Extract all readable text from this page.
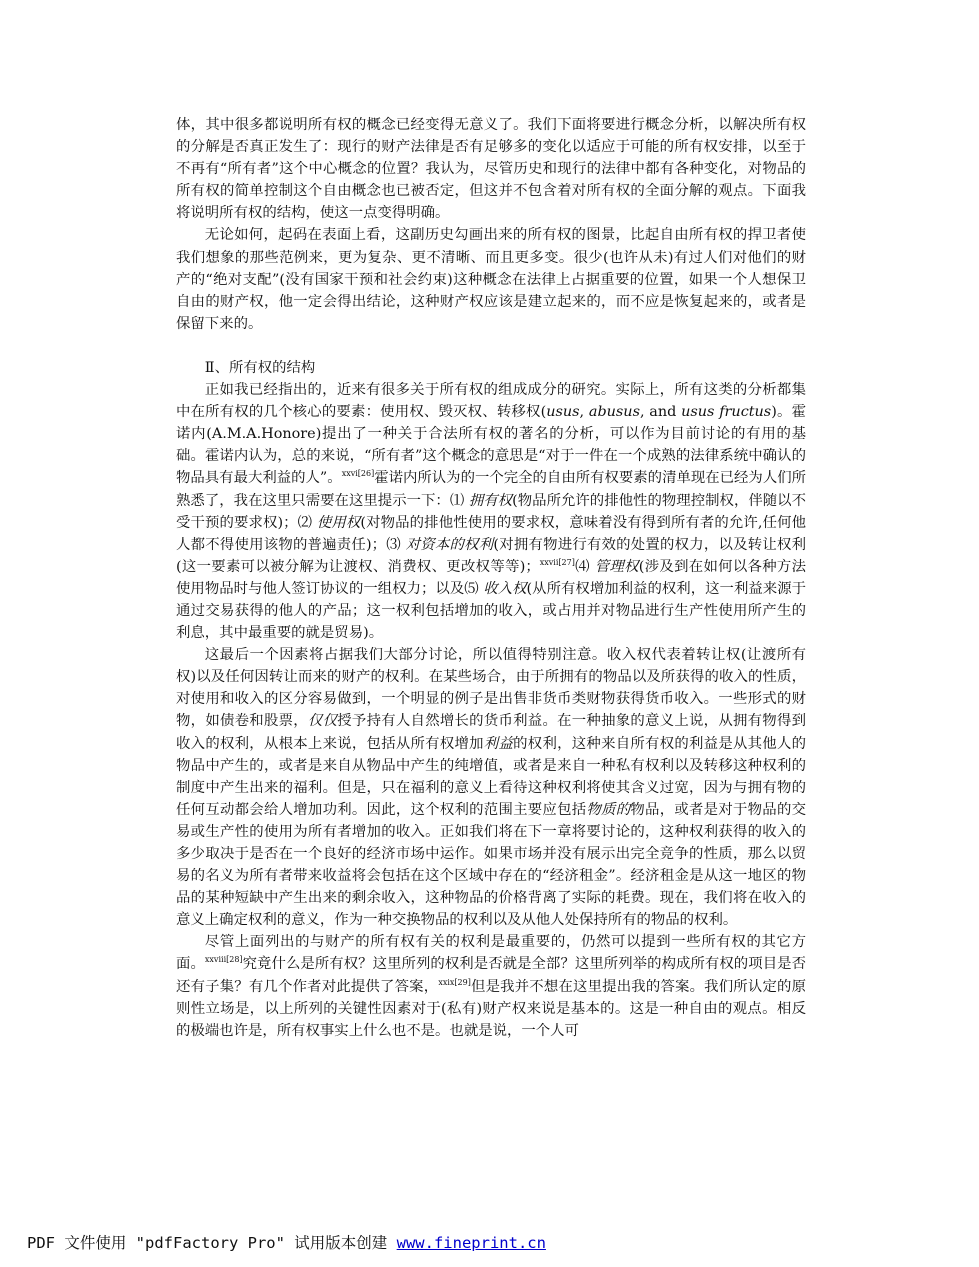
体，其中很多都说明所有权的概念已经变得无意义了。我们下面将要进行概念分析，以解决所有权的分解是否真正发生了：现行的财产法律是否有足够多的变化以适应于可能的所有权安排，以至于不再有“所有者”这个中心概念的位置？我认为，尽管历史和现行的法律中都有各种变化，对物品的所有权的简单控制这个自由概念也已被否定，但这并不包含着对所有权的全面分解的观点。下面我将说明所有权的结构，使这一点变得明确。

无论如何，起码在表面上看，这副历史勾画出来的所有权的图景，比起自由所有权的捍卫者使我们想象的那些范例来，更为复杂、更不清晰、而且更多变。很少(也许从未)有过人们对他们的财产的“绝对支配”(没有国家干预和社会约束)这种概念在法律上占据重要的位置，如果一个人想保卫自由的财产权，他一定会得出结论，这种财产权应该是建立起来的，而不应是恢复起来的，或者是保留下来的。

Ⅱ、所有权的结构

正如我已经指出的，近来有很多关于所有权的组成成分的研究。实际上，所有这类的分析都集中在所有权的几个核心的要素：使用权、毁灭权、转移权(usus, abusus, and usus fructus)。霍诺内(A.M.A.Honore)提出了一种关于合法所有权的著名的分析，可以作为目前讨论的有用的基础。霍诺内认为，总的来说，“所有者”这个概念的意思是“对于一件在一个成熟的法律系统中确认的物品具有最大利益的人”。$^{xxvi[26]}$霍诺内所认为的一个完全的自由所有权要素的清单现在已经为人们所熟悉了，我在这里只需要在这里提示一下：⑴ 拥有权(物品所允许的排他性的物理控制权，伴随以不受干预的要求权)；⑵ 使用权(对物品的排他性使用的要求权，意味着没有得到所有者的允许,任何他人都不得使用该物的普遍责任)；⑶ 对资本的权利(对拥有物进行有效的处置的权力，以及转让权利(这一要素可以被分解为让渡权、消费权、更改权等等)；$^{xxvii[27]}$⑷ 管理权(涉及到在如何以各种方法使用物品时与他人签订协议的一组权力；以及⑸ 收入权(从所有权增加利益的权利，这一利益来源于通过交易获得的他人的产品；这一权利包括增加的收入，或占用并对物品进行生产性使用所产生的利息，其中最重要的就是贸易)。

这最后一个因素将占据我们大部分讨论，所以值得特别注意。收入权代表着转让权(让渡所有权)以及任何因转让而来的财产的权利。在某些场合，由于所拥有的物品以及所获得的收入的性质，对使用和收入的区分容易做到，一个明显的例子是出售非货币类财物获得货币收入。一些形式的财物，如债卷和股票，仅仅授予持有人自然增长的货币利益。在一种抽象的意义上说，从拥有物得到收入的权利，从根本上来说，包括从所有权增加利益的权利，这种来自所有权的利益是从其他人的物品中产生的，或者是来自从物品中产生的纯增值，或者是来自一种私有权利以及转移这种权利的制度中产生出来的福利。但是，只在福利的意义上看待这种权利将使其含义过宽，因为与拥有物的任何互动都会给人增加功利。因此，这个权利的范围主要应包括物质的物品，或者是对于物品的交易或生产性的使用为所有者增加的收入。正如我们将在下一章将要讨论的，这种权利获得的收入的多少取决于是否在一个良好的经济市场中运作。如果市场并没有展示出完全竞争的性质，那么以贸易的名义为所有者带来收益将会包括在这个区域中存在的“经济租金”。经济租金是从这一地区的物品的某种短缺中产生出来的剩余收入，这种物品的价格背离了实际的耗费。现在，我们将在收入的意义上确定权利的意义，作为一种交换物品的权利以及从他人处保持所有的物品的权利。

尽管上面列出的与财产的所有权有关的权利是最重要的，仍然可以提到一些所有权的其它方面。$^{xxviii[28]}$究竟什么是所有权？这里所列的权利是否就是全部？这里所列举的构成所有权的项目是否还有子集？有几个作者对此提供了答案，$^{xxix[29]}$但是我并不想在这里提出我的答案。我们所认定的原则性立场是，以上所列的关键性因素对于(私有)财产权来说是基本的。这是一种自由的观点。相反的极端也许是，所有权事实上什么也不是。也就是说，一个人可

PDF 文件使用 "pdfFactory Pro" 试用版本创建 www.fineprint.cn
